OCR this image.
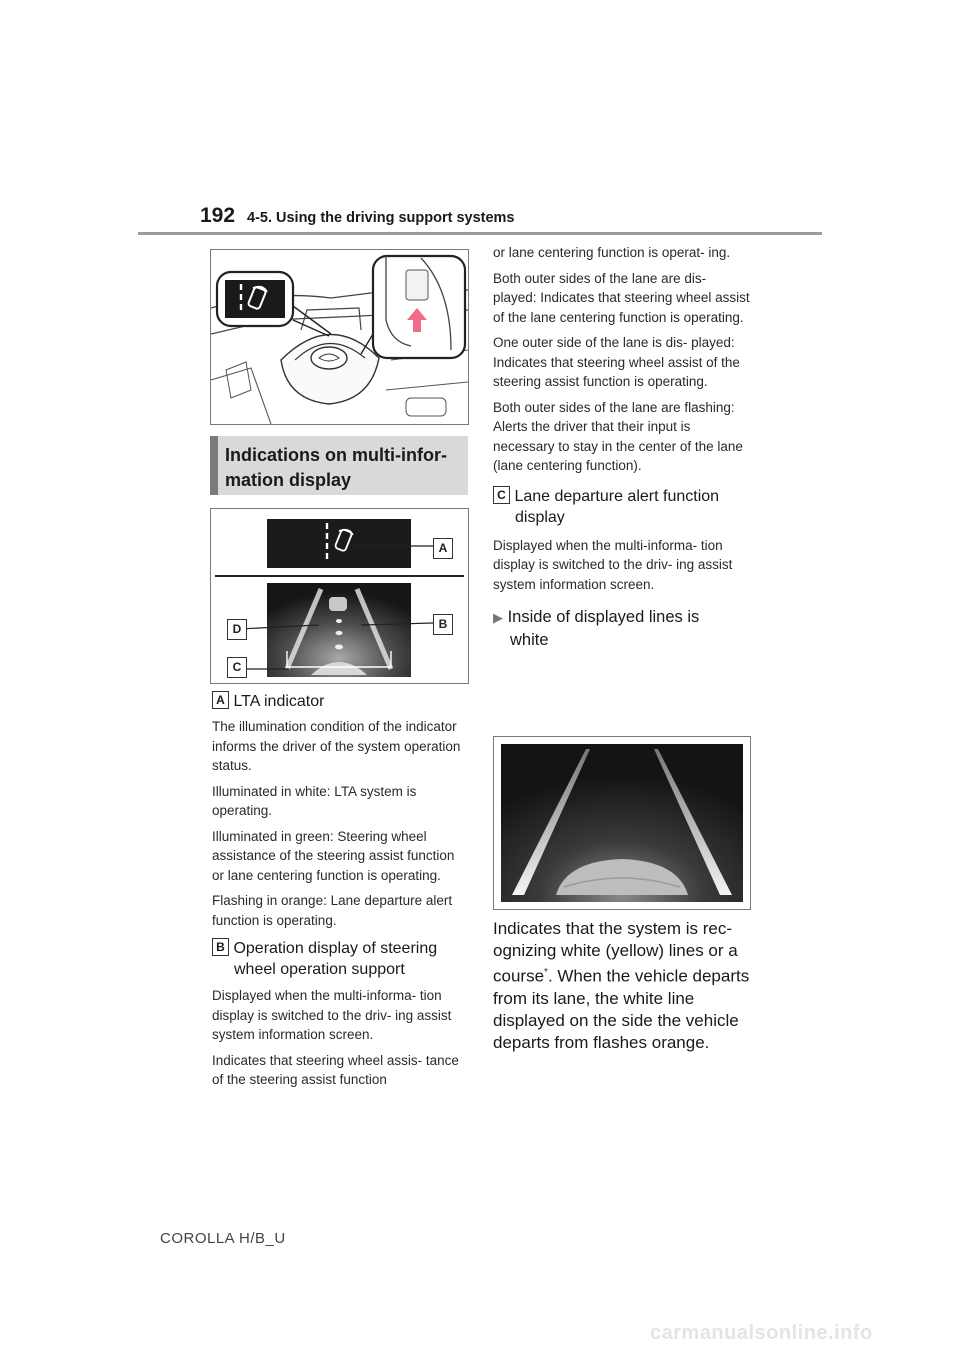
192 4-5. Using the driving support systems
Indications on multi-infor-
mation display
A
B
D
C
A LTA indicator

The illumination condition of the indicator informs the driver of the system operation status.

Illuminated in white: LTA system is operating.

Illuminated in green: Steering wheel assistance of the steering assist function or lane centering function is operating.

Flashing in orange: Lane departure alert function is operating.

B Operation display of steering
wheel operation support

Displayed when the multi-informa- tion display is switched to the driv- ing assist system information screen.

Indicates that steering wheel assis- tance of the steering assist function

or lane centering function is operat- ing.

Both outer sides of the lane are dis- played: Indicates that steering wheel assist of the lane centering function is operating.

One outer side of the lane is dis- played: Indicates that steering wheel assist of the steering assist function is operating.

Both outer sides of the lane are flashing: Alerts the driver that their input is necessary to stay in the center of the lane (lane centering function).

C Lane departure alert function
display

Displayed when the multi-informa- tion display is switched to the driv- ing assist system information screen.

▶ Inside of displayed lines is
white
Indicates that the system is rec- ognizing white (yellow) lines or a course*. When the vehicle departs from its lane, the white line displayed on the side the vehicle departs from flashes orange.
COROLLA H/B_U
carmanualsonline.info
